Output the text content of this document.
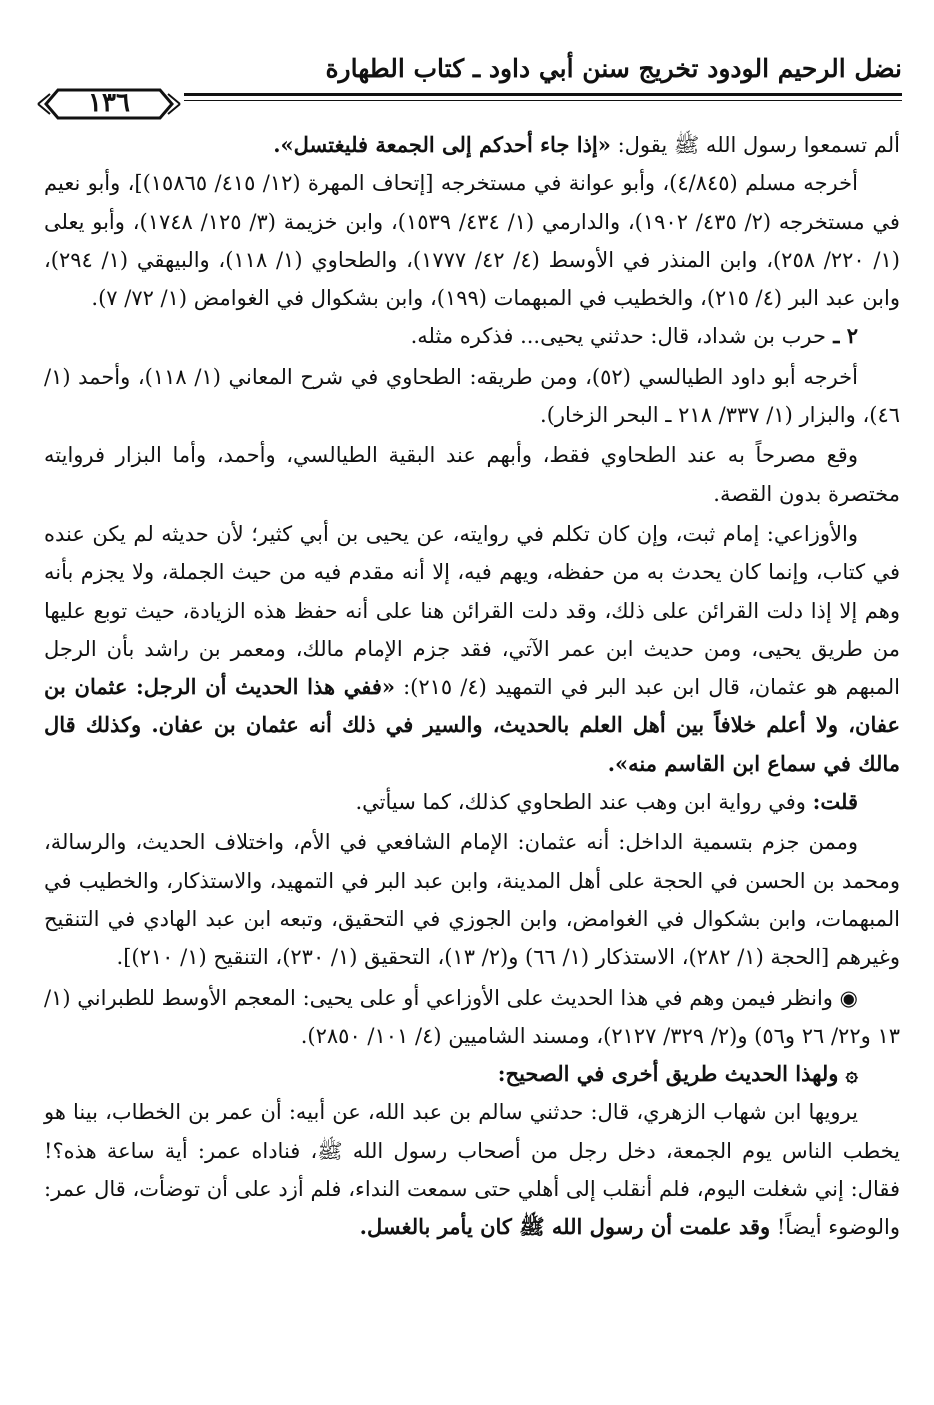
نضل الرحيم الودود تخريج سنن أبي داود ـ كتاب الطهارة
١٣٦

ألم تسمعوا رسول الله ﷺ يقول: «إذا جاء أحدكم إلى الجمعة فليغتسل».

أخرجه مسلم (٤/٨٤٥)، وأبو عوانة في مستخرجه [إتحاف المهرة (١٢/ ٤١٥/ ١٥٨٦٥)]، وأبو نعيم في مستخرجه (٢/ ٤٣٥/ ١٩٠٢)، والدارمي (١/ ٤٣٤/ ١٥٣٩)، وابن خزيمة (٣/ ١٢٥/ ١٧٤٨)، وأبو يعلى (١/ ٢٢٠/ ٢٥٨)، وابن المنذر في الأوسط (٤/ ٤٢/ ١٧٧٧)، والطحاوي (١/ ١١٨)، والبيهقي (١/ ٢٩٤)، وابن عبد البر (٤/ ٢١٥)، والخطيب في المبهمات (١٩٩)، وابن بشكوال في الغوامض (١/ ٧٢/ ٧).

٢ ـ حرب بن شداد، قال: حدثني يحيى... فذكره مثله.

أخرجه أبو داود الطيالسي (٥٢)، ومن طريقه: الطحاوي في شرح المعاني (١/ ١١٨)، وأحمد (١/ ٤٦)، والبزار (١/ ٣٣٧/ ٢١٨ ـ البحر الزخار).

وقع مصرحاً به عند الطحاوي فقط، وأبهم عند البقية الطيالسي، وأحمد، وأما البزار فروايته مختصرة بدون القصة.

والأوزاعي: إمام ثبت، وإن كان تكلم في روايته، عن يحيى بن أبي كثير؛ لأن حديثه لم يكن عنده في كتاب، وإنما كان يحدث به من حفظه، ويهم فيه، إلا أنه مقدم فيه من حيث الجملة، ولا يجزم بأنه وهم إلا إذا دلت القرائن على ذلك، وقد دلت القرائن هنا على أنه حفظ هذه الزيادة، حيث توبع عليها من طريق يحيى، ومن حديث ابن عمر الآتي، فقد جزم الإمام مالك، ومعمر بن راشد بأن الرجل المبهم هو عثمان، قال ابن عبد البر في التمهيد (٤/ ٢١٥): «ففي هذا الحديث أن الرجل: عثمان بن عفان، ولا أعلم خلافاً بين أهل العلم بالحديث، والسير في ذلك أنه عثمان بن عفان. وكذلك قال مالك في سماع ابن القاسم منه».

قلت: وفي رواية ابن وهب عند الطحاوي كذلك، كما سيأتي.

وممن جزم بتسمية الداخل: أنه عثمان: الإمام الشافعي في الأم، واختلاف الحديث، والرسالة، ومحمد بن الحسن في الحجة على أهل المدينة، وابن عبد البر في التمهيد، والاستذكار، والخطيب في المبهمات، وابن بشكوال في الغوامض، وابن الجوزي في التحقيق، وتبعه ابن عبد الهادي في التنقيح وغيرهم [الحجة (١/ ٢٨٢)، الاستذكار (١/ ٦٦) و(٢/ ١٣)، التحقيق (١/ ٢٣٠)، التنقيح (١/ ٢١٠)].

◉ وانظر فيمن وهم في هذا الحديث على الأوزاعي أو على يحيى: المعجم الأوسط للطبراني (١/ ١٣ و٢٢/ ٢٦ و٥٦) و(٢/ ٣٢٩/ ٢١٢٧)، ومسند الشاميين (٤/ ١٠١/ ٢٨٥٠).

۞ ولهذا الحديث طريق أخرى في الصحيح:

يرويها ابن شهاب الزهري، قال: حدثني سالم بن عبد الله، عن أبيه: أن عمر بن الخطاب، بينا هو يخطب الناس يوم الجمعة، دخل رجل من أصحاب رسول الله ﷺ، فناداه عمر: أية ساعة هذه؟! فقال: إني شغلت اليوم، فلم أنقلب إلى أهلي حتى سمعت النداء، فلم أزد على أن توضأت، قال عمر: والوضوء أيضاً! وقد علمت أن رسول الله ﷺ كان يأمر بالغسل.
